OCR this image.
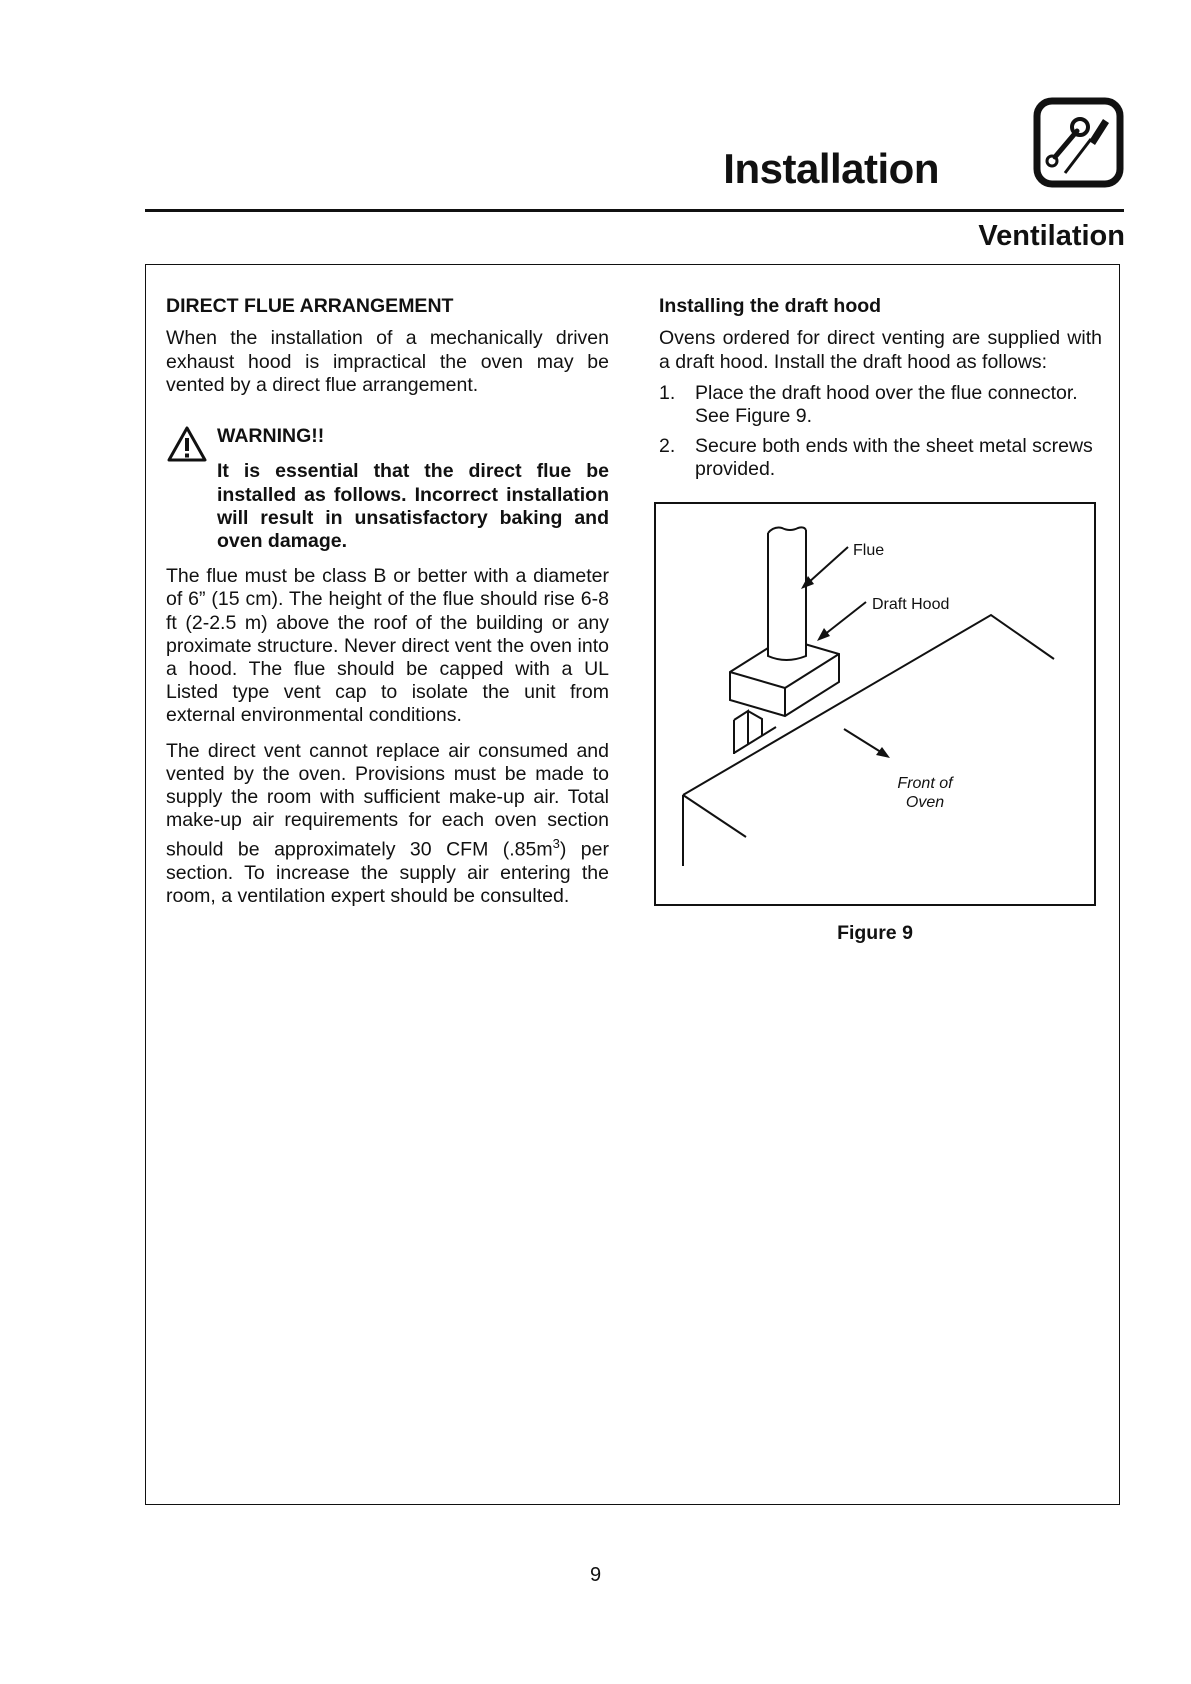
Installation
Ventilation
DIRECT FLUE ARRANGEMENT

When the installation of a mechanically driven exhaust hood is impractical the oven may be vented by a direct flue arrangement.

WARNING!!
It is essential that the direct flue be installed as follows. Incorrect installation will result in unsatisfactory baking and oven damage.

The flue must be class B or better with a diameter of 6” (15 cm). The height of the flue should rise 6-8 ft (2-2.5 m) above the roof of the building or any proximate structure. Never direct vent the oven into a hood. The flue should be capped with a UL Listed type vent cap to isolate the unit from external environmental conditions.

The direct vent cannot replace air consumed and vented by the oven. Provisions must be made to supply the room with sufficient make-up air. Total make-up air requirements for each oven section should be approximately 30 CFM $(.85m^3)$ per section. To increase the supply air entering the room, a ventilation expert should be consulted.

Installing the draft hood

Ovens ordered for direct venting are supplied with a draft hood. Install the draft hood as follows:

1. Place the draft hood over the flue connector. See Figure 9.
2. Secure both ends with the sheet metal screws provided.
Flue
Draft Hood
Front of
Oven
Figure 9
9
